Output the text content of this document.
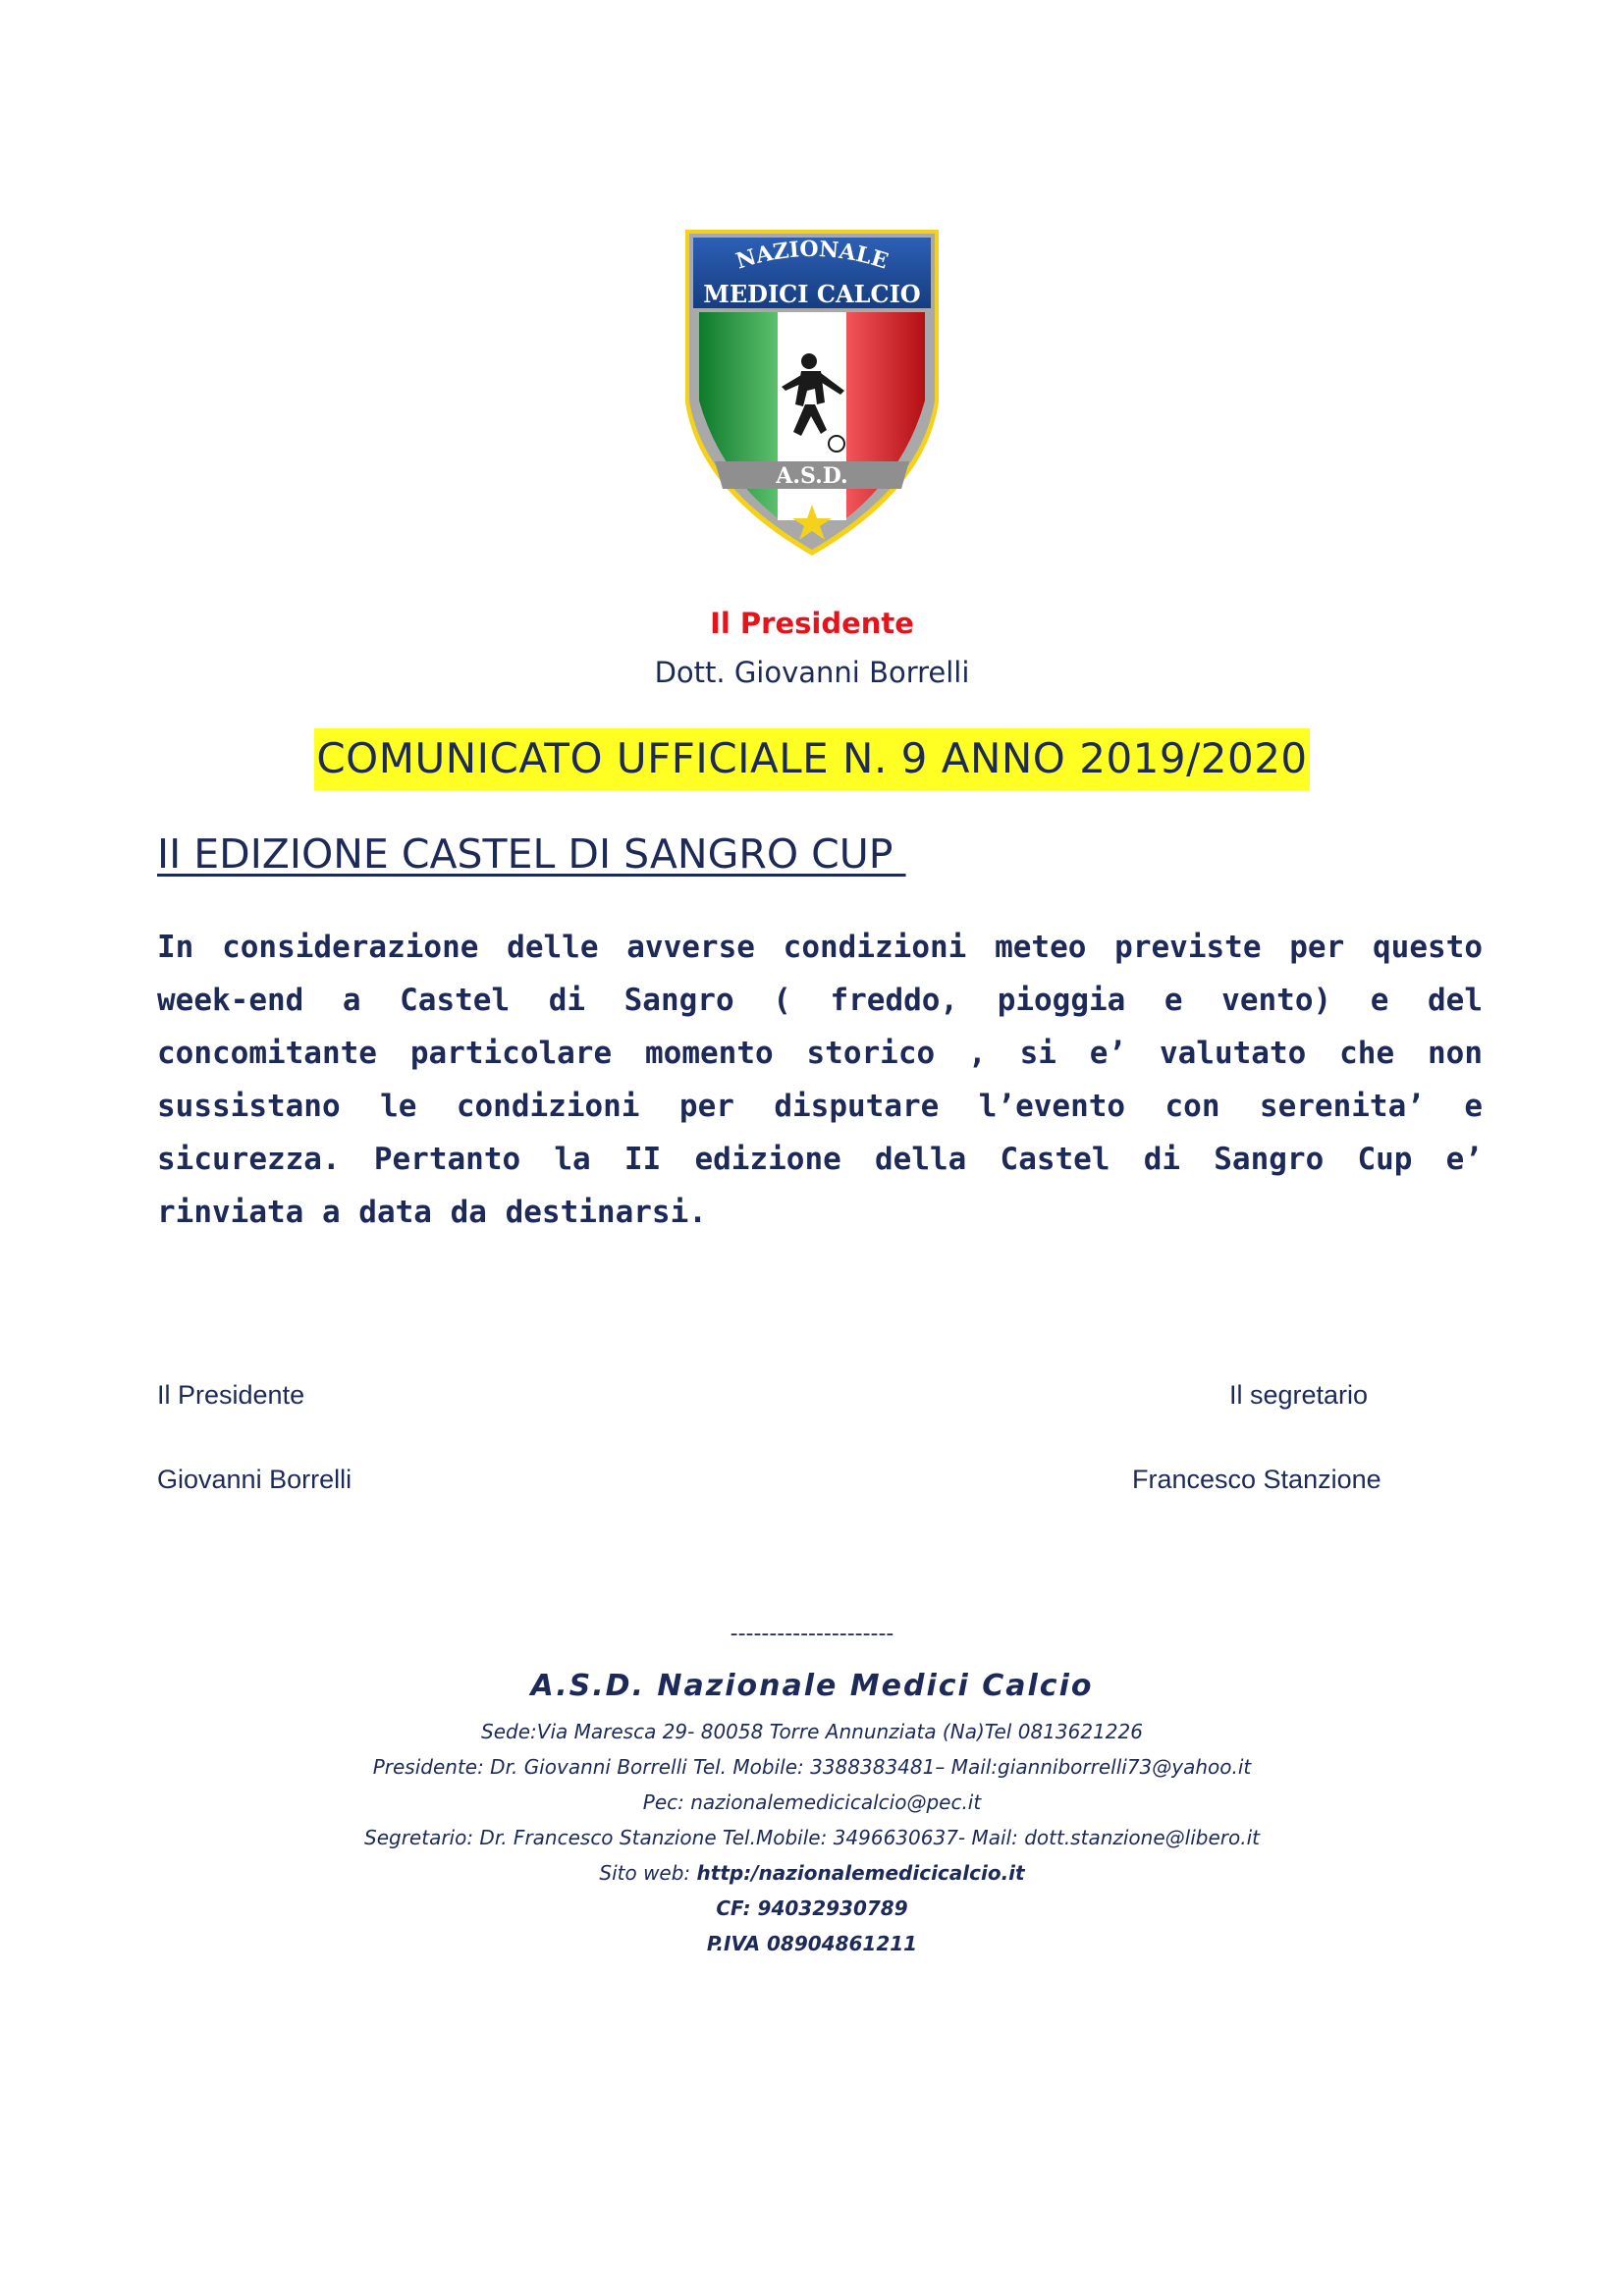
A.S.D.
NAZIONALE
MEDICI CALCIO
Il Presidente
Dott. Giovanni Borrelli
COMUNICATO UFFICIALE N. 9 ANNO 2019/2020
II EDIZIONE CASTEL DI SANGRO CUP
In considerazione delle avverse condizioni meteo previste per questo week-end a Castel di Sangro ( freddo, pioggia e vento) e del concomitante particolare momento storico , si e’ valutato che non sussistano le condizioni per disputare l’evento con serenita’ e sicurezza. Pertanto la II edizione della Castel di Sangro Cup e’ rinviata a data da destinarsi.
Il Presidente
Giovanni Borrelli
Il segretario
Francesco Stanzione
---------------------
A.S.D. Nazionale Medici Calcio
Sede:Via Maresca 29- 80058 Torre Annunziata (Na)Tel 0813621226
Presidente: Dr. Giovanni Borrelli Tel. Mobile: 3388383481– Mail:gianniborrelli73@yahoo.it
Pec: nazionalemedicicalcio@pec.it
Segretario: Dr. Francesco Stanzione Tel.Mobile: 3496630637- Mail: dott.stanzione@libero.it
Sito web: http:/nazionalemedicicalcio.it
CF: 94032930789
P.IVA 08904861211
